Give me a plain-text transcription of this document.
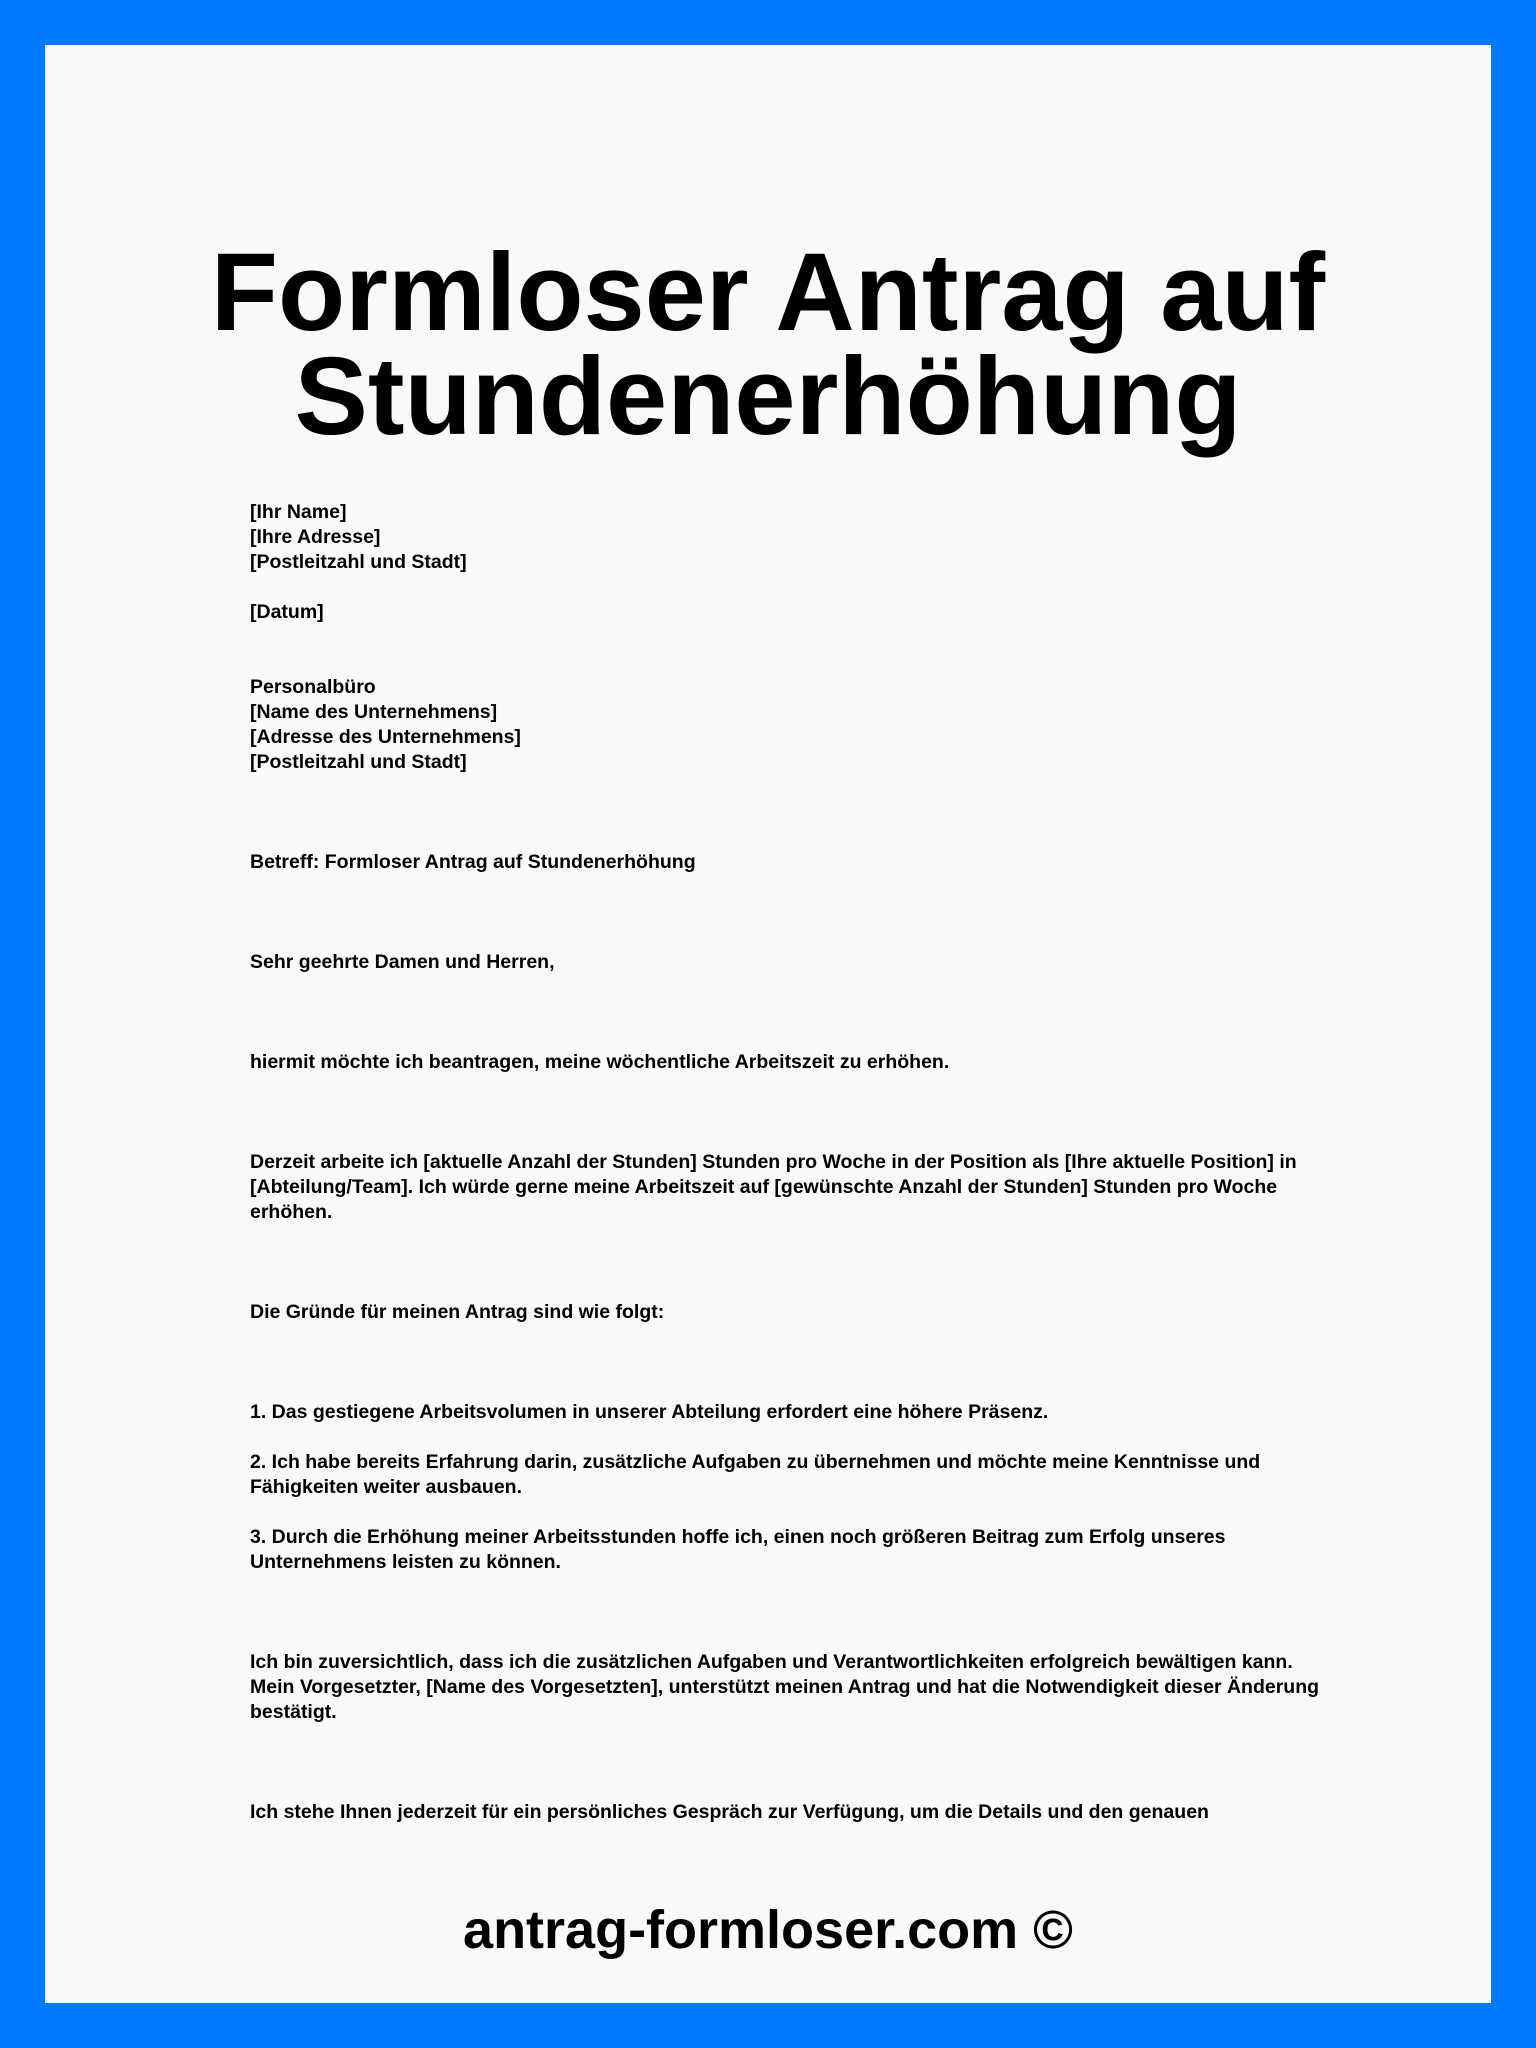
Formloser Antrag auf
Stundenerhöhung
[Ihr Name]
[Ihre Adresse]
[Postleitzahl und Stadt]
[Datum]
Personalbüro
[Name des Unternehmens]
[Adresse des Unternehmens]
[Postleitzahl und Stadt]

Betreff: Formloser Antrag auf Stundenerhöhung

Sehr geehrte Damen und Herren,

hiermit möchte ich beantragen, meine wöchentliche Arbeitszeit zu erhöhen.

Derzeit arbeite ich [aktuelle Anzahl der Stunden] Stunden pro Woche in der Position als [Ihre aktuelle Position] in [Abteilung/Team]. Ich würde gerne meine Arbeitszeit auf [gewünschte Anzahl der Stunden] Stunden pro Woche erhöhen.

Die Gründe für meinen Antrag sind wie folgt:

1. Das gestiegene Arbeitsvolumen in unserer Abteilung erfordert eine höhere Präsenz.

2. Ich habe bereits Erfahrung darin, zusätzliche Aufgaben zu übernehmen und möchte meine Kenntnisse und Fähigkeiten weiter ausbauen.

3. Durch die Erhöhung meiner Arbeitsstunden hoffe ich, einen noch größeren Beitrag zum Erfolg unseres Unternehmens leisten zu können.

Ich bin zuversichtlich, dass ich die zusätzlichen Aufgaben und Verantwortlichkeiten erfolgreich bewältigen kann. Mein Vorgesetzter, [Name des Vorgesetzten], unterstützt meinen Antrag und hat die Notwendigkeit dieser Änderung bestätigt.

Ich stehe Ihnen jederzeit für ein persönliches Gespräch zur Verfügung, um die Details und den genauen

antrag-formloser.com ©
